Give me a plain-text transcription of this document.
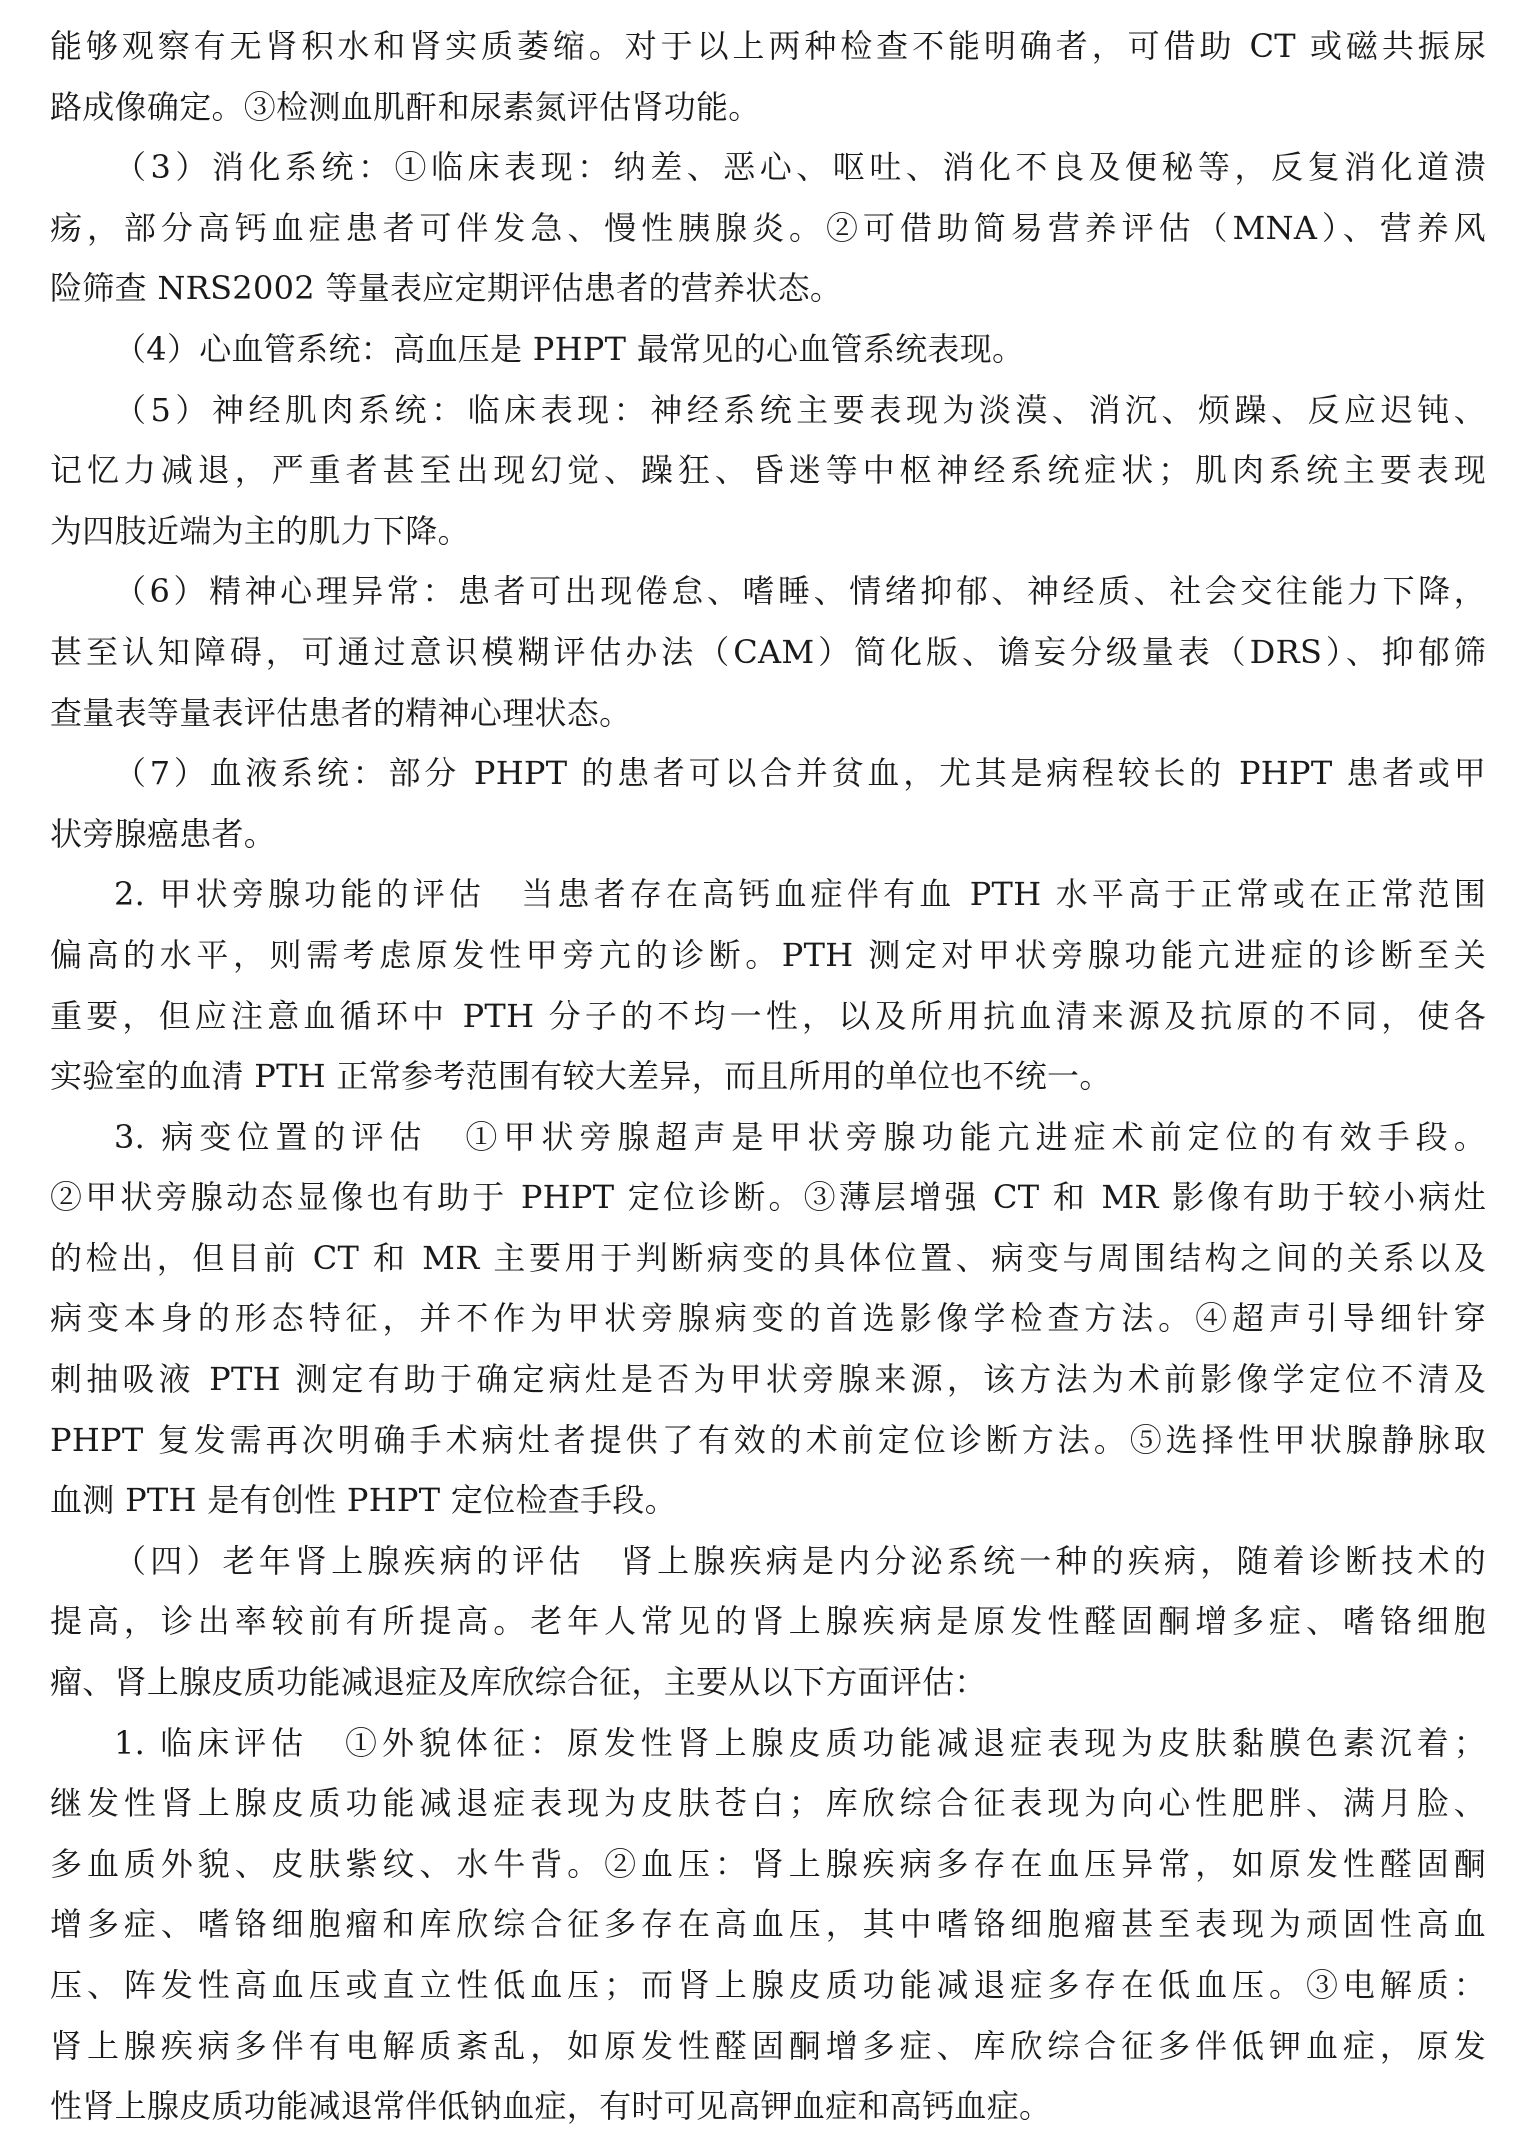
能够观察有无肾积水和肾实质萎缩。对于以上两种检查不能明确者，可借助 CT 或磁共振尿
路成像确定。③检测血肌酐和尿素氮评估肾功能。
（3）消化系统：①临床表现：纳差、恶心、呕吐、消化不良及便秘等，反复消化道溃
疡，部分高钙血症患者可伴发急、慢性胰腺炎。②可借助简易营养评估（MNA）、营养风
险筛查 NRS2002 等量表应定期评估患者的营养状态。
（4）心血管系统：高血压是 PHPT 最常见的心血管系统表现。
（5）神经肌肉系统：临床表现：神经系统主要表现为淡漠、消沉、烦躁、反应迟钝、
记忆力减退，严重者甚至出现幻觉、躁狂、昏迷等中枢神经系统症状；肌肉系统主要表现
为四肢近端为主的肌力下降。
（6）精神心理异常：患者可出现倦怠、嗜睡、情绪抑郁、神经质、社会交往能力下降，
甚至认知障碍，可通过意识模糊评估办法（CAM）简化版、谵妄分级量表（DRS）、抑郁筛
查量表等量表评估患者的精神心理状态。
（7）血液系统：部分 PHPT 的患者可以合并贫血，尤其是病程较长的 PHPT 患者或甲
状旁腺癌患者。
2. 甲状旁腺功能的评估　当患者存在高钙血症伴有血 PTH 水平高于正常或在正常范围
偏高的水平，则需考虑原发性甲旁亢的诊断。PTH 测定对甲状旁腺功能亢进症的诊断至关
重要，但应注意血循环中 PTH 分子的不均一性，以及所用抗血清来源及抗原的不同，使各
实验室的血清 PTH 正常参考范围有较大差异，而且所用的单位也不统一。
3. 病变位置的评估　①甲状旁腺超声是甲状旁腺功能亢进症术前定位的有效手段。
②甲状旁腺动态显像也有助于 PHPT 定位诊断。③薄层增强 CT 和 MR 影像有助于较小病灶
的检出，但目前 CT 和 MR 主要用于判断病变的具体位置、病变与周围结构之间的关系以及
病变本身的形态特征，并不作为甲状旁腺病变的首选影像学检查方法。④超声引导细针穿
刺抽吸液 PTH 测定有助于确定病灶是否为甲状旁腺来源，该方法为术前影像学定位不清及
PHPT 复发需再次明确手术病灶者提供了有效的术前定位诊断方法。⑤选择性甲状腺静脉取
血测 PTH 是有创性 PHPT 定位检查手段。
（四）老年肾上腺疾病的评估　肾上腺疾病是内分泌系统一种的疾病，随着诊断技术的
提高，诊出率较前有所提高。老年人常见的肾上腺疾病是原发性醛固酮增多症、嗜铬细胞
瘤、肾上腺皮质功能减退症及库欣综合征，主要从以下方面评估：
1. 临床评估　①外貌体征：原发性肾上腺皮质功能减退症表现为皮肤黏膜色素沉着；
继发性肾上腺皮质功能减退症表现为皮肤苍白；库欣综合征表现为向心性肥胖、满月脸、
多血质外貌、皮肤紫纹、水牛背。②血压：肾上腺疾病多存在血压异常，如原发性醛固酮
增多症、嗜铬细胞瘤和库欣综合征多存在高血压，其中嗜铬细胞瘤甚至表现为顽固性高血
压、阵发性高血压或直立性低血压；而肾上腺皮质功能减退症多存在低血压。③电解质：
肾上腺疾病多伴有电解质紊乱，如原发性醛固酮增多症、库欣综合征多伴低钾血症，原发
性肾上腺皮质功能减退常伴低钠血症，有时可见高钾血症和高钙血症。
